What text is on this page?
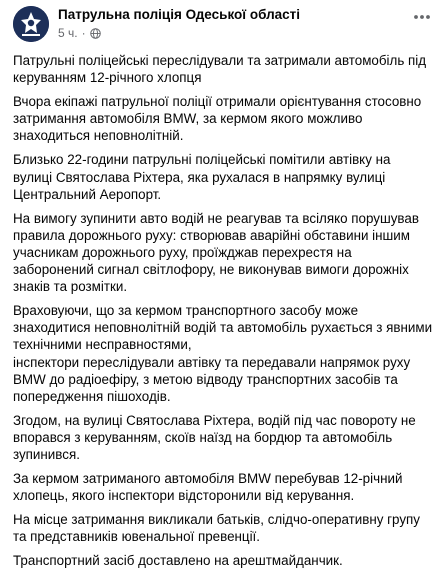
Патрульна поліція Одеської області
5 ч. ·

Патрульні поліцейські переслідували та затримали автомобіль під керуванням 12-річного хлопця

Вчора екіпажі патрульної поліції отримали орієнтування стосовно затримання автомобіля BMW, за кермом якого можливо знаходиться неповнолітній.

Близько 22-години патрульні поліцейські помітили автівку на вулиці Святослава Ріхтера, яка рухалася в напрямку вулиці Центральний Аеропорт.

На вимогу зупинити авто водій не реагував та всіляко порушував правила дорожнього руху: створював аварійні обставини іншим учасникам дорожнього руху, проїжджав перехрестя на заборонений сигнал світлофору, не виконував вимоги дорожніх знаків та розмітки.

Враховуючи, що за кермом транспортного засобу може знаходитися неповнолітній водій та автомобіль рухається з явними технічними несправностями,
інспектори переслідували автівку та передавали напрямок руху BMW до радіоефіру, з метою відводу транспортних засобів та попередження пішоходів.

Згодом, на вулиці Святослава Ріхтера, водій під час повороту не впорався з керуванням, скоїв наїзд на бордюр та автомобіль зупинився.

За кермом затриманого автомобіля BMW перебував 12-річний хлопець, якого інспектори відсторонили від керування.

На місце затримання викликали батьків, слідчо-оперативну групу та представників ювенальної превенції.

Транспортний засіб доставлено на арештмайданчик.
